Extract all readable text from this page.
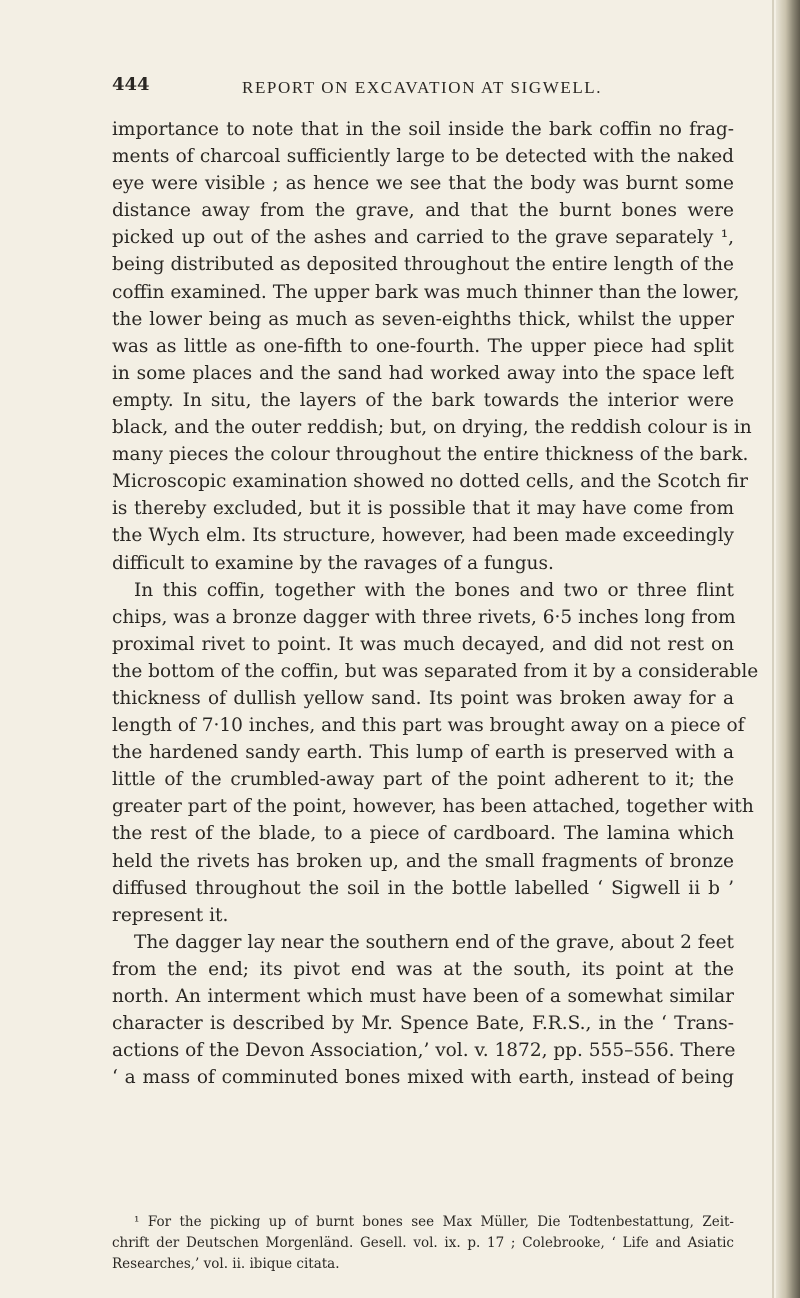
444	REPORT ON EXCAVATION AT SIGWELL.
importance to note that in the soil inside the bark coffin no frag-
ments of charcoal sufficiently large to be detected with the naked
eye were visible ; as hence we see that the body was burnt some
distance away from the grave, and that the burnt bones were
picked up out of the ashes and carried to the grave separately ¹,
being distributed as deposited throughout the entire length of the
coffin examined. The upper bark was much thinner than the lower,
the lower being as much as seven-eighths thick, whilst the upper
was as little as one-fifth to one-fourth. The upper piece had split
in some places and the sand had worked away into the space left
empty. In situ, the layers of the bark towards the interior were
black, and the outer reddish; but, on drying, the reddish colour is in
many pieces the colour throughout the entire thickness of the bark.
Microscopic examination showed no dotted cells, and the Scotch fir
is thereby excluded, but it is possible that it may have come from
the Wych elm. Its structure, however, had been made exceedingly
difficult to examine by the ravages of a fungus.
In this coffin, together with the bones and two or three flint
chips, was a bronze dagger with three rivets, 6·5 inches long from
proximal rivet to point. It was much decayed, and did not rest on
the bottom of the coffin, but was separated from it by a considerable
thickness of dullish yellow sand. Its point was broken away for a
length of 7·10 inches, and this part was brought away on a piece of
the hardened sandy earth. This lump of earth is preserved with a
little of the crumbled-away part of the point adherent to it; the
greater part of the point, however, has been attached, together with
the rest of the blade, to a piece of cardboard. The lamina which
held the rivets has broken up, and the small fragments of bronze
diffused throughout the soil in the bottle labelled ‘ Sigwell ii b ’
represent it.
The dagger lay near the southern end of the grave, about 2 feet
from the end; its pivot end was at the south, its point at the
north. An interment which must have been of a somewhat similar
character is described by Mr. Spence Bate, F.R.S., in the ‘ Trans-
actions of the Devon Association,’ vol. v. 1872, pp. 555–556. There
‘ a mass of comminuted bones mixed with earth, instead of being
¹ For the picking up of burnt bones see Max Müller, Die Todtenbestattung, Zeit-
chrift der Deutschen Morgenländ. Gesell. vol. ix. p. 17 ; Colebrooke, ‘ Life and Asiatic
Researches,’ vol. ii. ibique citata.
